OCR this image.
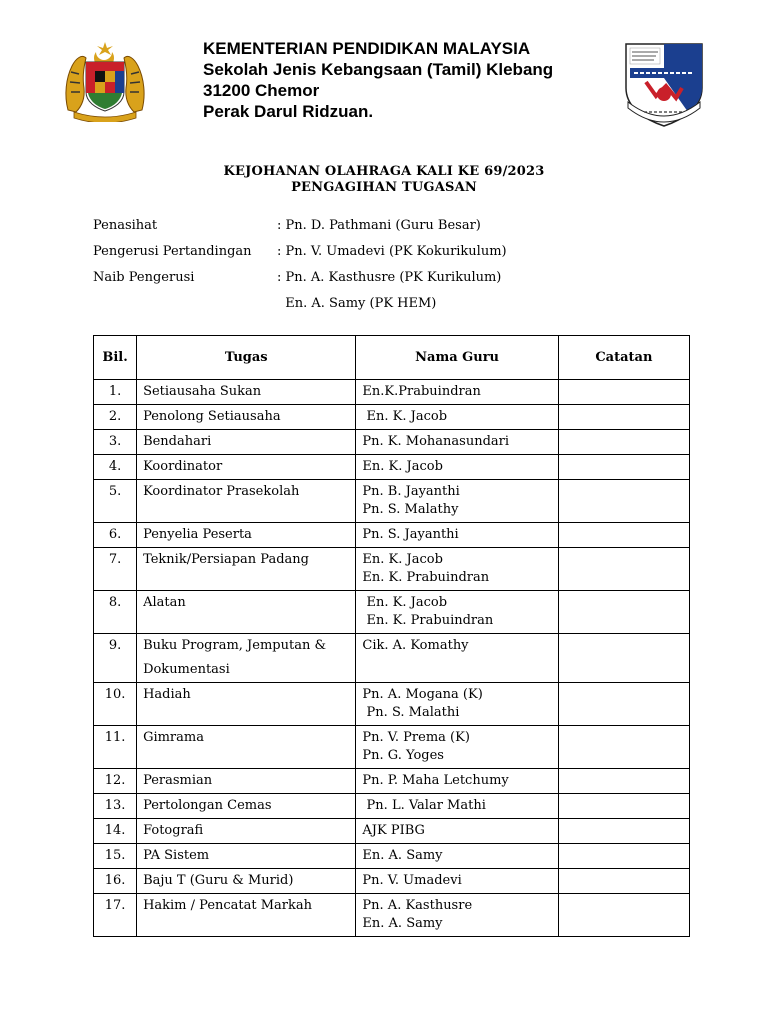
KEMENTERIAN PENDIDIKAN MALAYSIA
Sekolah Jenis Kebangsaan (Tamil) Klebang
31200 Chemor
Perak Darul Ridzuan.
KEJOHANAN OLAHRAGA KALI KE 69/2023
PENGAGIHAN TUGASAN
Penasihat	: Pn. D. Pathmani (Guru Besar)
Pengerusi Pertandingan : Pn. V. Umadevi (PK Kokurikulum)
Naib Pengerusi	: Pn. A. Kasthusre (PK Kurikulum)
En. A. Samy (PK HEM)
Bil.	Tugas	Nama Guru	Catatan
1.	Setiausaha Sukan	En.K.Prabuindran	

2.	Penolong Setiausaha	En. K. Jacob	

3.	Bendahari	Pn. K. Mohanasundari	

4.	Koordinator	En. K. Jacob	

5.	Koordinator Prasekolah	Pn. B. Jayanthi
Pn. S. Malathy	

6.	Penyelia Peserta	Pn. S. Jayanthi	

7.	Teknik/Persiapan Padang	En. K. Jacob
En. K. Prabuindran	

8.	Alatan	En. K. Jacob
En. K. Prabuindran	

9.	Buku Program, Jemputan &
Dokumentasi	Cik. A. Komathy	

10.	Hadiah	Pn. A. Mogana (K)
Pn. S. Malathi	

11.	Gimrama	Pn. V. Prema (K)
Pn. G. Yoges	

12.	Perasmian	Pn. P. Maha Letchumy	

13.	Pertolongan Cemas	Pn. L. Valar Mathi	

14.	Fotografi	AJK PIBG	

15.	PA Sistem	En. A. Samy	

16.	Baju T (Guru & Murid)	Pn. V. Umadevi	

17.	Hakim / Pencatat Markah	Pn. A. Kasthusre
En. A. Samy	
